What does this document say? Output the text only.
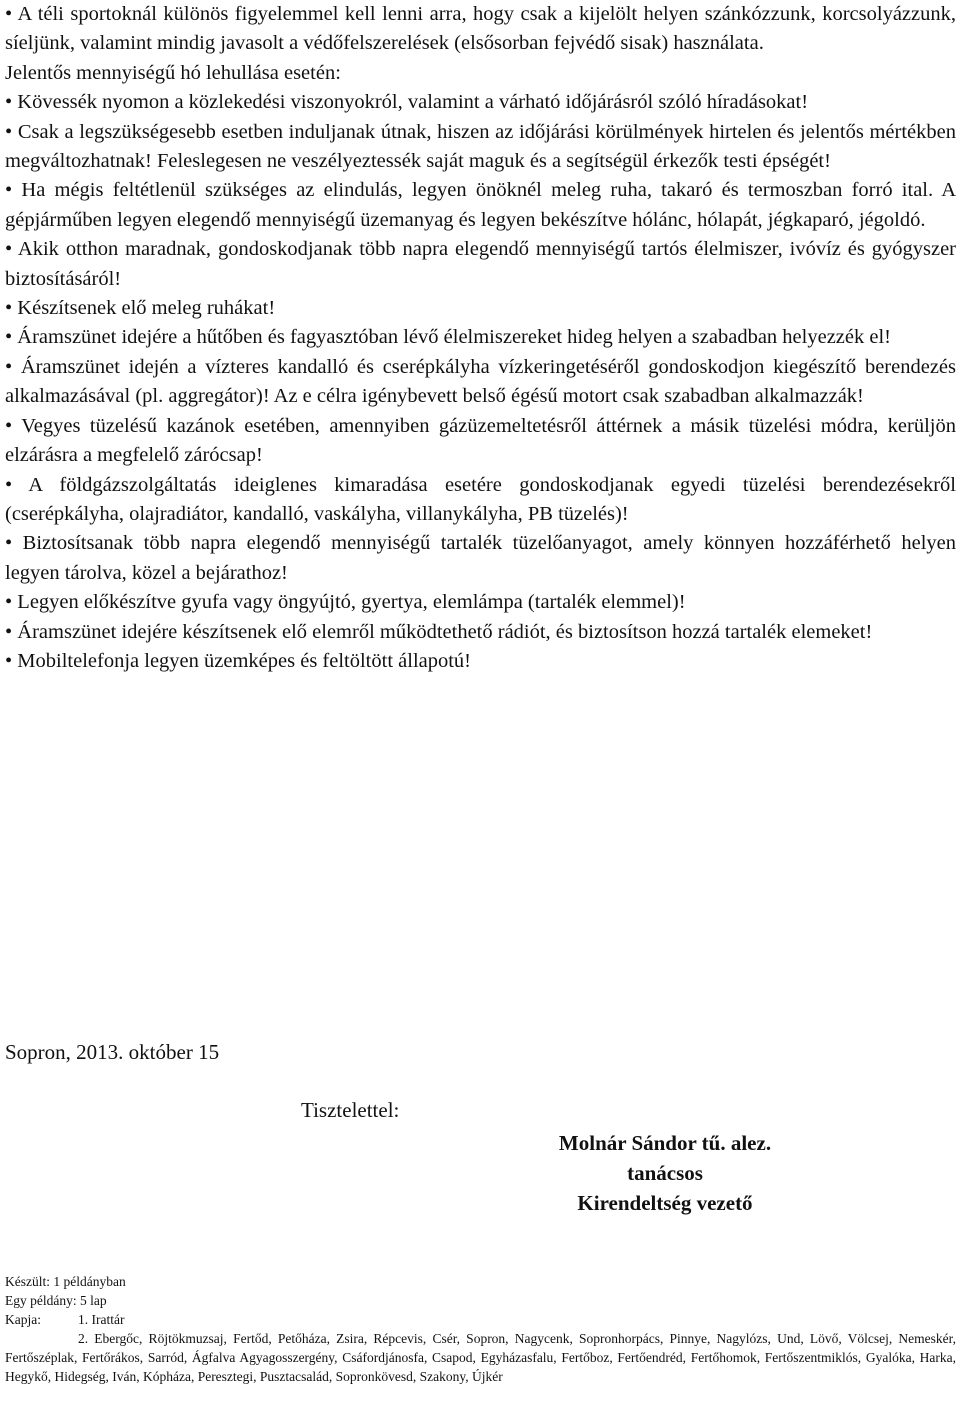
• A téli sportoknál különös figyelemmel kell lenni arra, hogy csak a kijelölt helyen szánkózzunk, korcsolyázzunk, síeljünk, valamint mindig javasolt a védőfelszerelések (elsősorban fejvédő sisak) használata.

Jelentős mennyiségű hó lehullása esetén:

• Kövessék nyomon a közlekedési viszonyokról, valamint a várható időjárásról szóló híradásokat!

• Csak a legszükségesebb esetben induljanak útnak, hiszen az időjárási körülmények hirtelen és jelentős mértékben megváltozhatnak! Feleslegesen ne veszélyeztessék saját maguk és a segítségül érkezők testi épségét!

• Ha mégis feltétlenül szükséges az elindulás, legyen önöknél meleg ruha, takaró és termoszban forró ital. A gépjárműben legyen elegendő mennyiségű üzemanyag és legyen bekészítve hólánc, hólapát, jégkaparó, jégoldó.

• Akik otthon maradnak, gondoskodjanak több napra elegendő mennyiségű tartós élelmiszer, ivóvíz és gyógyszer biztosításáról!

• Készítsenek elő meleg ruhákat!

• Áramszünet idejére a hűtőben és fagyasztóban lévő élelmiszereket hideg helyen a szabadban helyezzék el!

• Áramszünet idején a vízteres kandalló és cserépkályha vízkeringetéséről gondoskodjon kiegészítő berendezés alkalmazásával (pl. aggregátor)! Az e célra igénybevett belső égésű motort csak szabadban alkalmazzák!

• Vegyes tüzelésű kazánok esetében, amennyiben gázüzemeltetésről áttérnek a másik tüzelési módra, kerüljön elzárásra a megfelelő zárócsap!

• A földgázszolgáltatás ideiglenes kimaradása esetére gondoskodjanak egyedi tüzelési berendezésekről (cserépkályha, olajradiátor, kandalló, vaskályha, villanykályha, PB tüzelés)!

• Biztosítsanak több napra elegendő mennyiségű tartalék tüzelőanyagot, amely könnyen hozzáférhető helyen legyen tárolva, közel a bejárathoz!

• Legyen előkészítve gyufa vagy öngyújtó, gyertya, elemlámpa (tartalék elemmel)!

• Áramszünet idejére készítsenek elő elemről működtethető rádiót, és biztosítson hozzá tartalék elemeket!

• Mobiltelefonja legyen üzemképes és feltöltött állapotú!

Sopron, 2013. október 15

Tisztelettel:

Molnár Sándor tű. alez.
tanácsos
Kirendeltség vezető

Készült: 1 példányban

Egy példány: 5 lap

Kapja:	1. Irattár

2. Ebergőc, Röjtökmuzsaj, Fertőd, Petőháza, Zsira, Répcevis, Csér, Sopron, Nagycenk, Sopronhorpács, Pinnye, Nagylózs, Und, Lövő, Völcsej, Nemeskér, Fertőszéplak, Fertőrákos, Sarród, Ágfalva Agyagosszergény, Csáfordjánosfa, Csapod, Egyházasfalu, Fertőboz, Fertőendréd, Fertőhomok, Fertőszentmiklós, Gyalóka, Harka, Hegykő, Hidegség, Iván, Kópháza, Peresztegi, Pusztacsalád, Sopronkövesd, Szakony, Újkér
